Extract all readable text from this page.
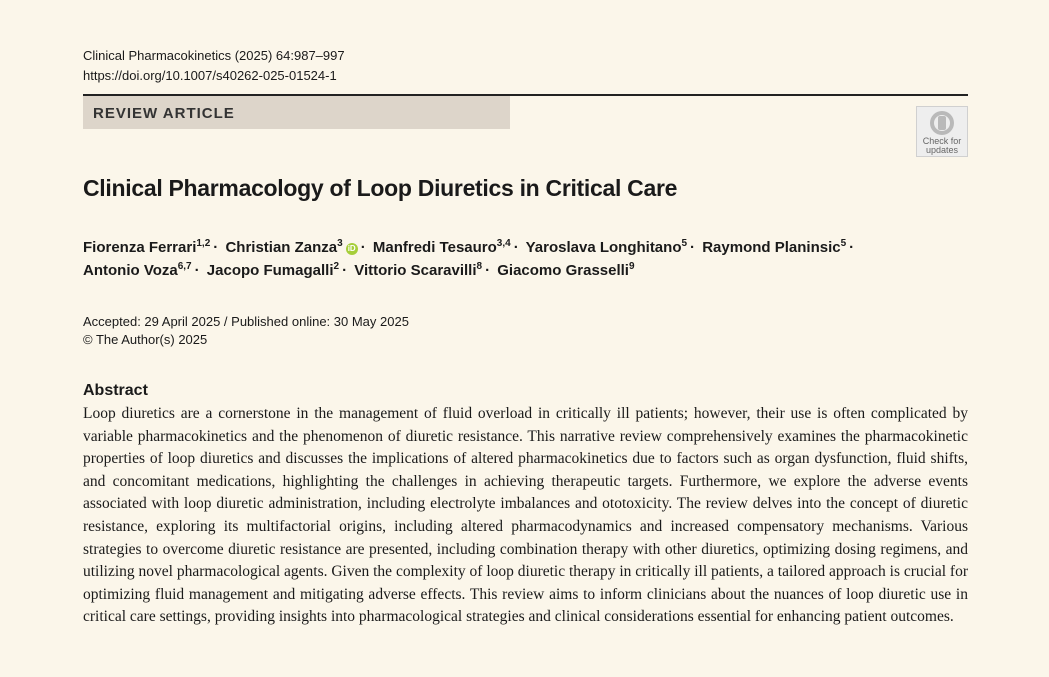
Clinical Pharmacokinetics (2025) 64:987–997
https://doi.org/10.1007/s40262-025-01524-1
REVIEW ARTICLE
Check for
updates
Clinical Pharmacology of Loop Diuretics in Critical Care
Fiorenza Ferrari$^{1,2}$ · Christian Zanza$^3$ iD · Manfredi Tesauro$^{3,4}$ · Yaroslava Longhitano$^5$ · Raymond Planinsic$^5$ ·
Antonio Voza$^{6,7}$ · Jacopo Fumagalli$^2$ · Vittorio Scaravilli$^8$ · Giacomo Grasselli$^9$
Accepted: 29 April 2025 / Published online: 30 May 2025
© The Author(s) 2025
Abstract

Loop diuretics are a cornerstone in the management of fluid overload in critically ill patients; however, their use is often complicated by variable pharmacokinetics and the phenomenon of diuretic resistance. This narrative review comprehensively examines the pharmacokinetic properties of loop diuretics and discusses the implications of altered pharmacokinetics due to factors such as organ dysfunction, fluid shifts, and concomitant medications, highlighting the challenges in achieving therapeutic targets. Furthermore, we explore the adverse events associated with loop diuretic administration, including electrolyte imbalances and ototoxicity. The review delves into the concept of diuretic resistance, exploring its multifactorial origins, including altered pharmacodynamics and increased compensatory mechanisms. Various strategies to overcome diuretic resistance are presented, including combination therapy with other diuretics, optimizing dosing regimens, and utilizing novel pharmacological agents. Given the complexity of loop diuretic therapy in critically ill patients, a tailored approach is crucial for optimizing fluid management and mitigating adverse effects. This review aims to inform clinicians about the nuances of loop diuretic use in critical care settings, providing insights into pharmacological strategies and clinical considerations essential for enhancing patient outcomes.
